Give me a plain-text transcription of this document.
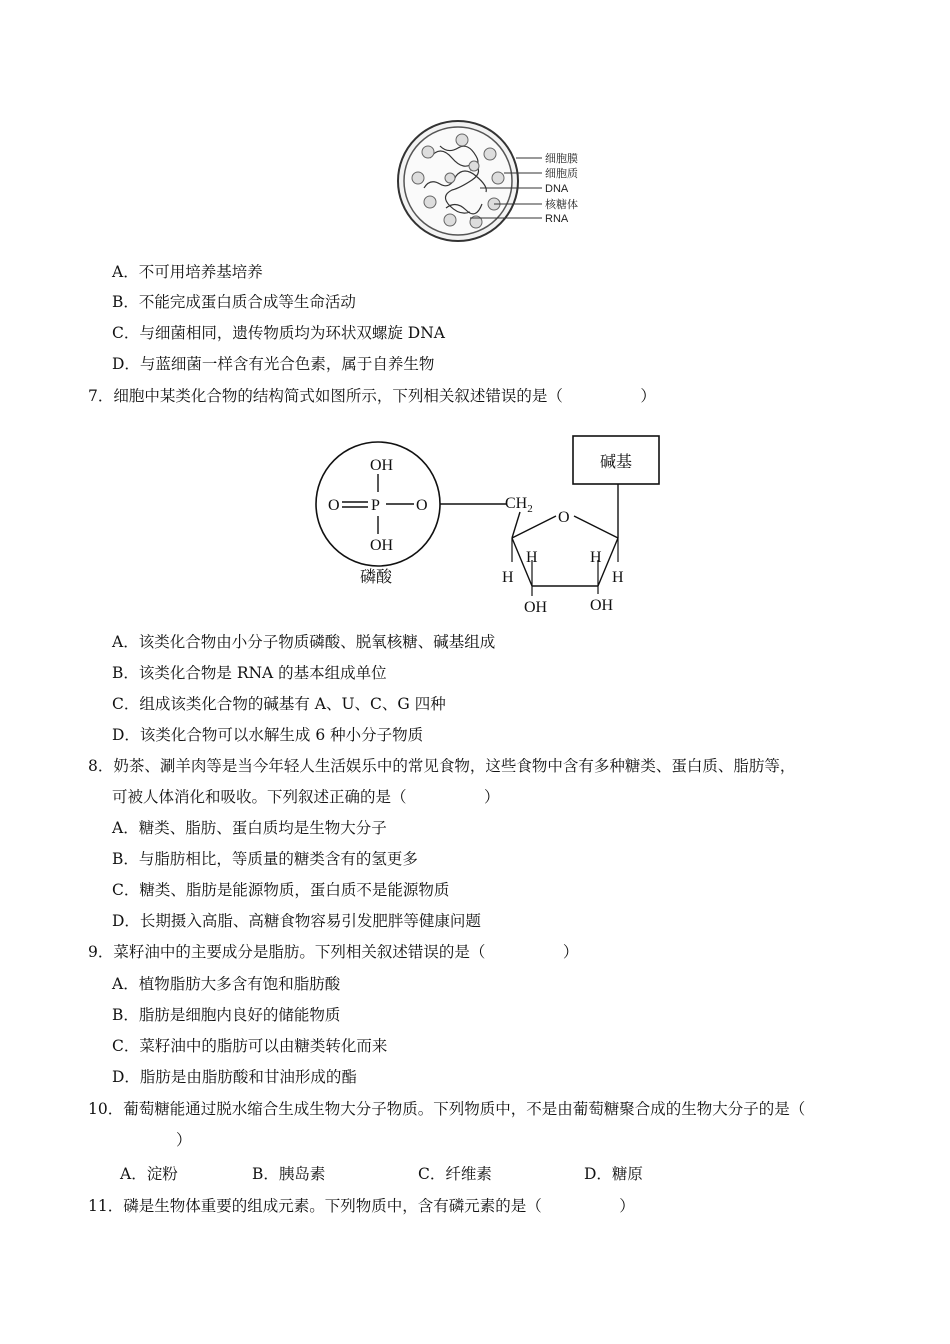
细胞膜
细胞质
DNA
核糖体
RNA
A．不可用培养基培养
B．不能完成蛋白质合成等生命活动
C．与细菌相同，遗传物质均为环状双螺旋 DNA
D．与蓝细菌一样含有光合色素，属于自养生物
7．细胞中某类化合物的结构简式如图所示，下列相关叙述错误的是（　　　　　）
OH
O P O
OH
磷酸
$CH_2$ O
H
H
OH
H
OH
H
碱基
A．该类化合物由小分子物质磷酸、脱氧核糖、碱基组成
B．该类化合物是 RNA 的基本组成单位
C．组成该类化合物的碱基有 A、U、C、G 四种
D．该类化合物可以水解生成 6 种小分子物质
8．奶茶、涮羊肉等是当今年轻人生活娱乐中的常见食物，这些食物中含有多种糖类、蛋白质、脂肪等，
可被人体消化和吸收。下列叙述正确的是（　　　　　）
A．糖类、脂肪、蛋白质均是生物大分子
B．与脂肪相比，等质量的糖类含有的氢更多
C．糖类、脂肪是能源物质，蛋白质不是能源物质
D．长期摄入高脂、高糖食物容易引发肥胖等健康问题
9．菜籽油中的主要成分是脂肪。下列相关叙述错误的是（　　　　　）
A．植物脂肪大多含有饱和脂肪酸
B．脂肪是细胞内良好的储能物质
C．菜籽油中的脂肪可以由糖类转化而来
D．脂肪是由脂肪酸和甘油形成的酯
10．葡萄糖能通过脱水缩合生成生物大分子物质。下列物质中，不是由葡萄糖聚合成的生物大分子的是（
）
A．淀粉	B．胰岛素	C．纤维素	D．糖原
11．磷是生物体重要的组成元素。下列物质中，含有磷元素的是（　　　　　）
